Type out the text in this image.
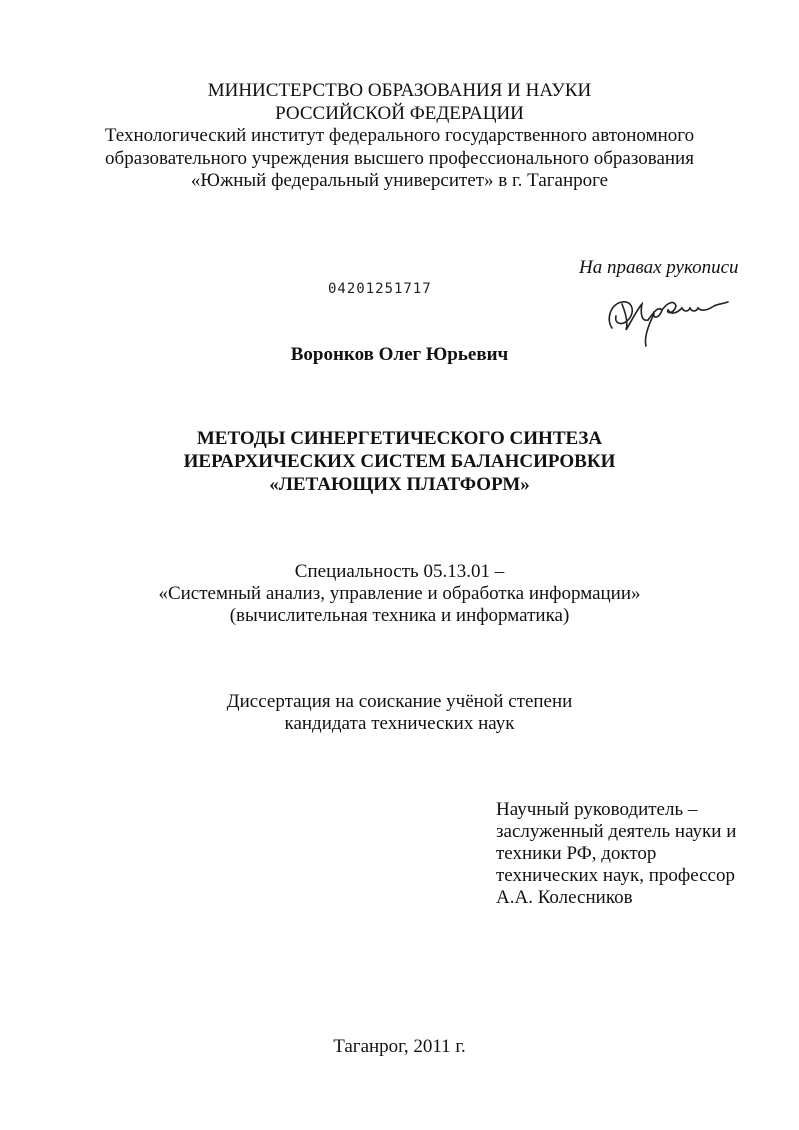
МИНИСТЕРСТВО ОБРАЗОВАНИЯ И НАУКИ
РОССИЙСКОЙ ФЕДЕРАЦИИ
Технологический институт федерального государственного автономного
образовательного учреждения высшего профессионального образования
«Южный федеральный университет» в г. Таганроге
На правах рукописи
04201251717
Воронков Олег Юрьевич
МЕТОДЫ СИНЕРГЕТИЧЕСКОГО СИНТЕЗА
ИЕРАРХИЧЕСКИХ СИСТЕМ БАЛАНСИРОВКИ
«ЛЕТАЮЩИХ ПЛАТФОРМ»
Специальность 05.13.01 –
«Системный анализ, управление и обработка информации»
(вычислительная техника и информатика)
Диссертация на соискание учёной степени
кандидата технических наук
Научный руководитель –
заслуженный деятель науки и
техники РФ, доктор
технических наук, профессор
А.А. Колесников
Таганрог, 2011 г.
